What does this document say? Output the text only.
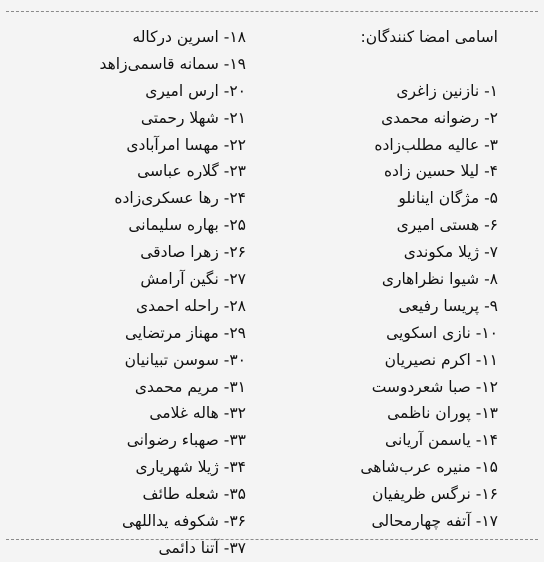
اسامی امضا کنندگان:
۱- نازنین زاغری
۲- رضوانه محمدی
۳- عالیه مطلب‌زاده
۴- لیلا حسین زاده
۵- مژگان اینانلو
۶- هستی امیری
۷- ژیلا مکوندی
۸- شیوا نظراهاری
۹- پریسا رفیعی
۱۰- نازی اسکویی
۱۱- اکرم نصیریان
۱۲- صبا شعردوست
۱۳- پوران ناظمی
۱۴- یاسمن آریانی
۱۵- منیره عرب‌شاهی
۱۶- نرگس ظریفیان
۱۷- آتفه چهارمحالی
۱۸- اسرین درکاله
۱۹- سمانه قاسمی‌زاهد
۲۰- ارس امیری
۲۱- شهلا رحمتی
۲۲- مهسا امرآبادی
۲۳- گلاره عباسی
۲۴- رها عسکری‌زاده
۲۵- بهاره سلیمانی
۲۶- زهرا صادقی
۲۷- نگین آرامش
۲۸- راحله احمدی
۲۹- مهناز مرتضایی
۳۰- سوسن تبیانیان
۳۱- مریم محمدی
۳۲- هاله غلامی
۳۳- صهباء رضوانی
۳۴- ژیلا شهریاری
۳۵- شعله طائف
۳۶- شکوفه یداللهی
۳۷- آتنا دائمی
